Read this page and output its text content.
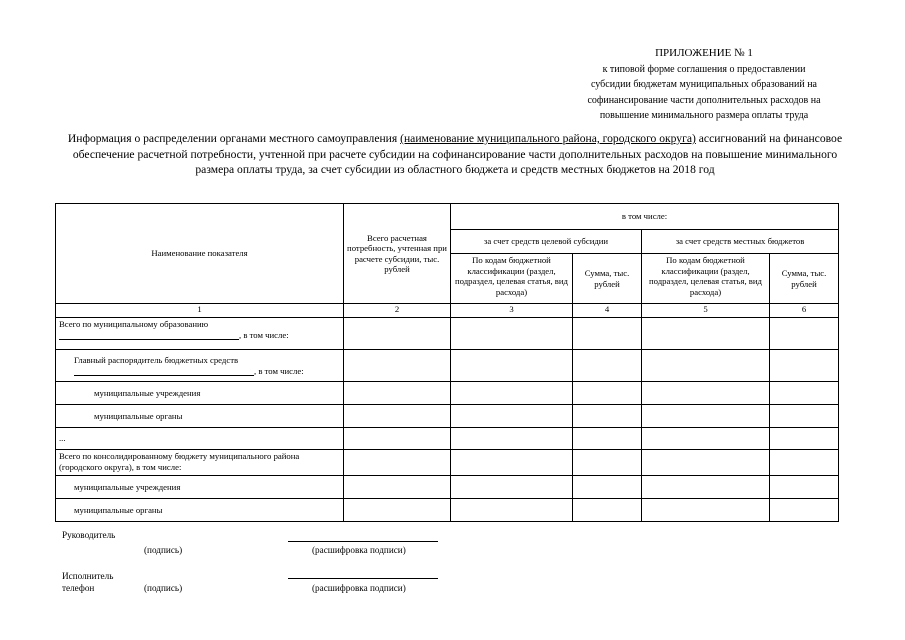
ПРИЛОЖЕНИЕ № 1
к типовой форме соглашения о предоставлении
субсидии бюджетам муниципальных образований на
софинансирование части дополнительных расходов на
повышение минимального размера оплаты труда
Информация о распределении органами местного самоуправления (наименование муниципального района, городского округа) ассигнований на финансовое обеспечение расчетной потребности, учтенной при расчете субсидии на софинансирование части дополнительных расходов на повышение минимального размера оплаты труда, за счет субсидии из областного бюджета и средств местных бюджетов на 2018 год
Наименование показателя	Всего расчетная потребность, учтенная при расчете субсидии, тыс. рублей	в том числе:			
		за счет средств целевой субсидии		за счет средств местных бюджетов	
		По кодам бюджетной классификации (раздел, подраздел, целевая статья, вид расхода)	Сумма, тыс. рублей	По кодам бюджетной классификации (раздел, подраздел, целевая статья, вид расхода)	Сумма, тыс. рублей
1	2	3	4	5	6
Всего по муниципальному образованию
, в том числе:					
Главный распорядитель бюджетных средств
, в том числе:					
муниципальные учреждения					
муниципальные органы					
...					
Всего по консолидированному бюджету муниципального района (городского округа), в том числе:					
муниципальные учреждения					
муниципальные органы					
Руководитель
(подпись)	(расшифровка подписи)
Исполнитель
телефон	(подпись)	(расшифровка подписи)
